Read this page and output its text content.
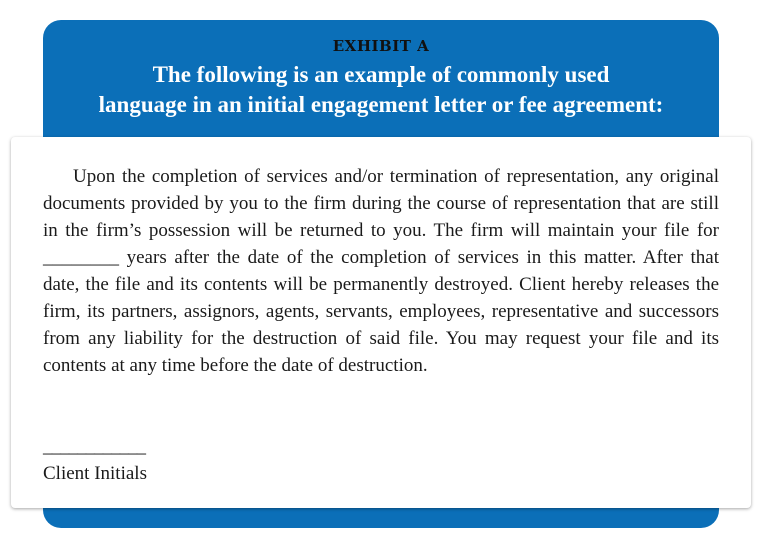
EXHIBIT A
The following is an example of commonly used
language in an initial engagement letter or fee agreement:

Upon the completion of services and/or termination of representation, any original documents provided by you to the firm during the course of representation that are still in the firm’s possession will be returned to you. The firm will maintain your file for ________ years after the date of the completion of services in this matter. After that date, the file and its contents will be permanently destroyed. Client hereby releases the firm, its partners, assignors, agents, servants, employees, representative and successors from any liability for the destruction of said file. You may request your file and its contents at any time before the date of destruction.

____________
Client Initials
